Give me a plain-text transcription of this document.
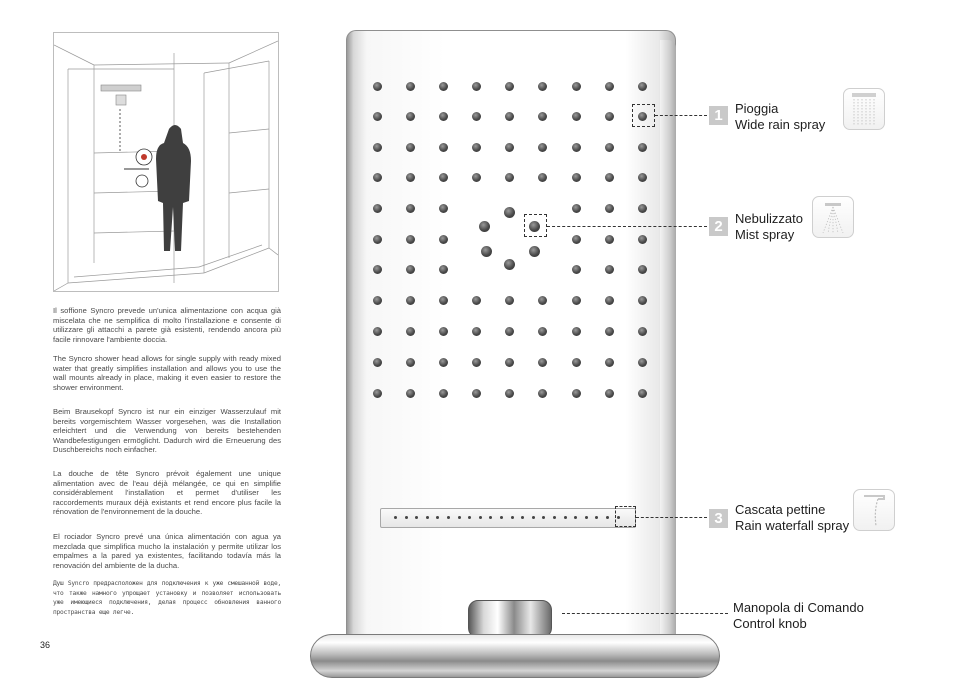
Il soffione Syncro prevede un'unica alimentazione con acqua già miscelata che ne semplifica di molto l'installazione e consente di utilizzare gli attacchi a parete già esistenti, rendendo ancora più facile rinnovare l'ambiente doccia.

The Syncro shower head allows for single supply with ready mixed water that greatly simplifies installation and allows you to use the wall mounts already in place, making it even easier to restore the shower environment.

Beim Brausekopf Syncro ist nur ein einziger Wasserzulauf mit bereits vorgemischtem Wasser vorgesehen, was die Installation erleichtert und die Verwendung von bereits bestehenden Wandbefestigungen ermöglicht. Dadurch wird die Erneuerung des Duschbereichs noch einfacher.

La douche de tête Syncro prévoit également une unique alimentation avec de l'eau déjà mélangée, ce qui en simplifie considérablement l'installation et permet d'utiliser les raccordements muraux déjà existants et rend encore plus facile la rénovation de l'environnement de la douche.

El rociador Syncro prevé una única alimentación con agua ya mezclada que simplifica mucho la instalación y permite utilizar los empalmes a la pared ya existentes, facilitando todavía más la renovación del ambiente de la ducha.

Душ Syncro предрасположен для подключения к уже смешанной воде, что также намного упрощает установку и позволяет использовать уже имеющиеся подключения, делая процесс обновления ванного пространства еще легче.

36
1 Pioggia
Wide rain spray
2 Nebulizzato
Mist spray
3
Cascata pettine
Rain waterfall spray
Manopola di Comando
Control knob
